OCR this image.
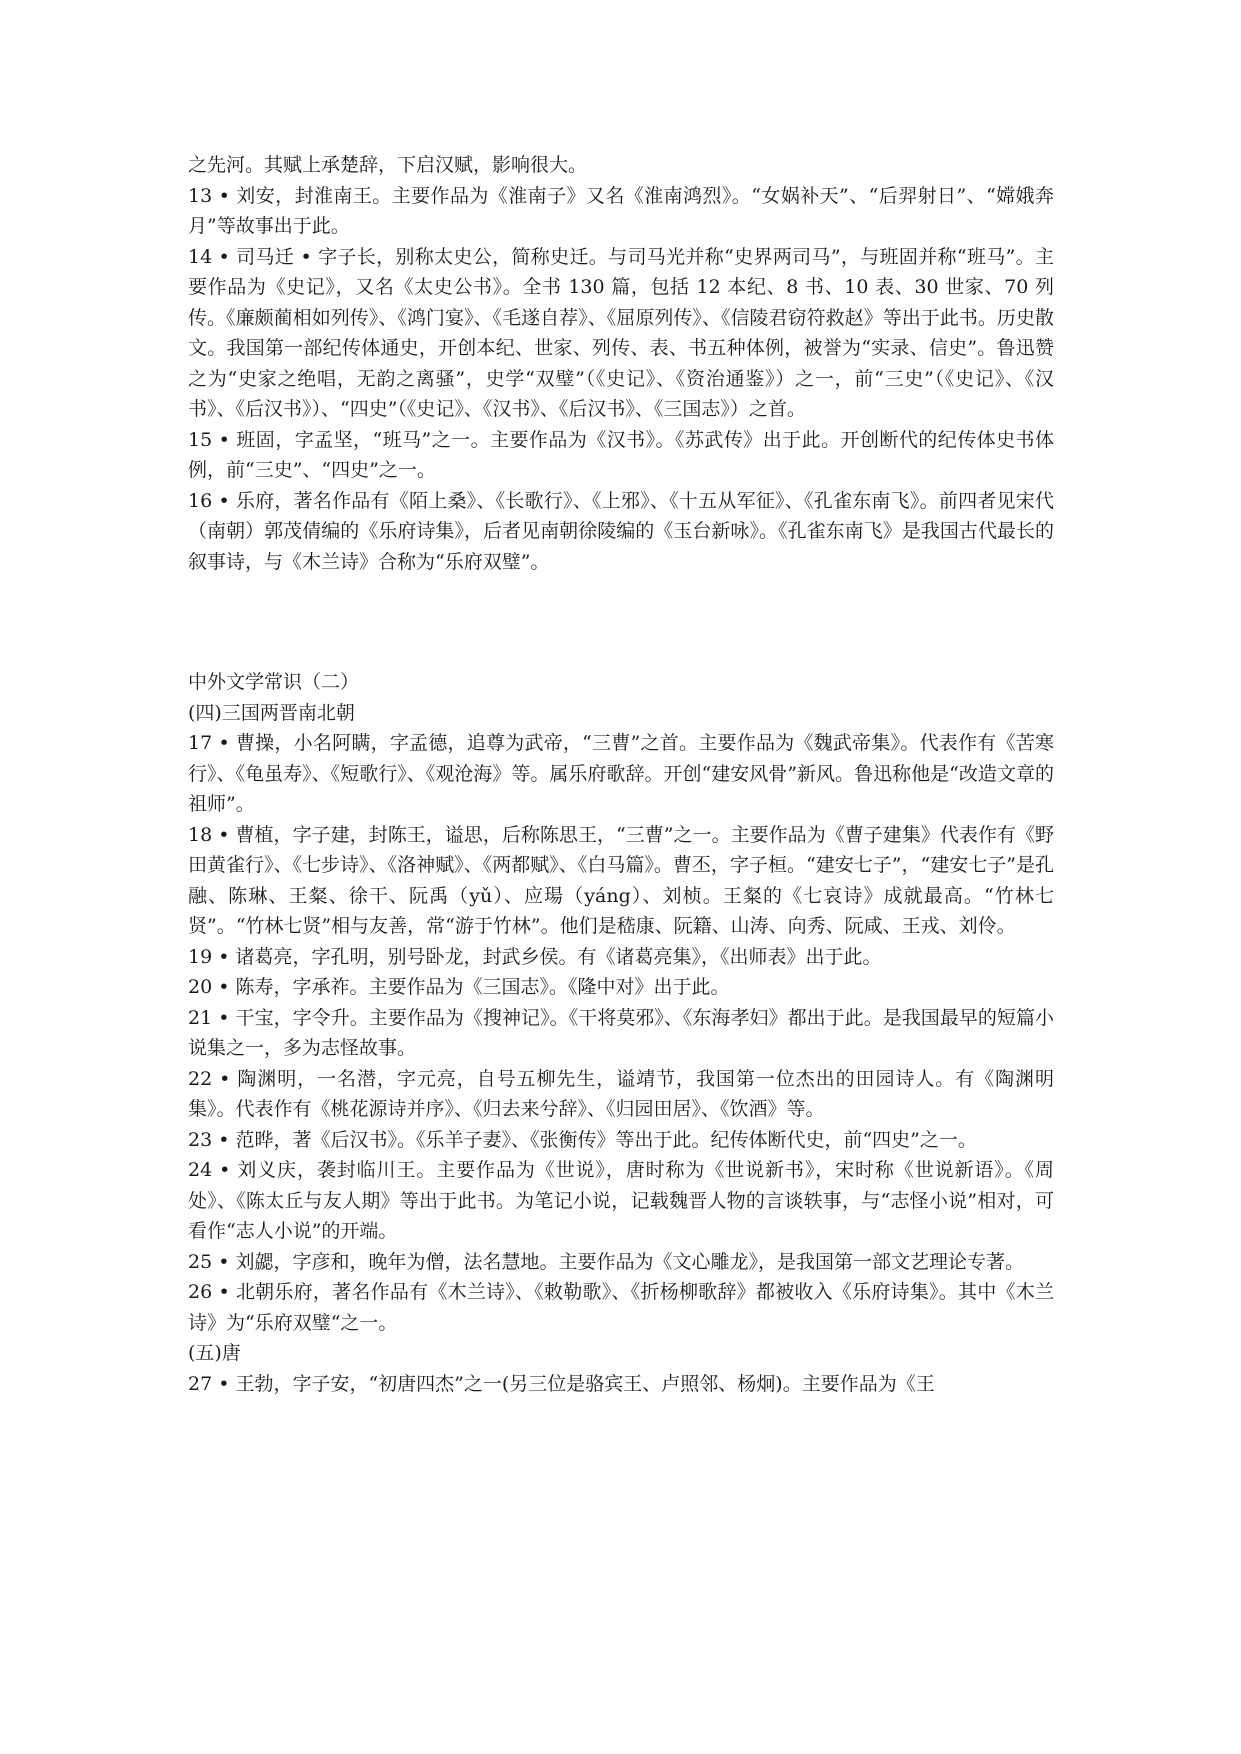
之先河。其赋上承楚辞，下启汉赋，影响很大。

13 • 刘安，封淮南王。主要作品为《淮南子》又名《淮南鸿烈》。“女娲补天”、“后羿射日”、“嫦娥奔月”等故事出于此。

14 • 司马迁 • 字子长，别称太史公，简称史迁。与司马光并称“史界两司马”，与班固并称“班马”。主要作品为《史记》，又名《太史公书》。全书 130 篇，包括 12 本纪、8 书、10 表、30 世家、70 列传。《廉颇蔺相如列传》、《鸿门宴》、《毛遂自荐》、《屈原列传》、《信陵君窃符救赵》等出于此书。历史散文。我国第一部纪传体通史，开创本纪、世家、列传、表、书五种体例，被誉为“实录、信史”。鲁迅赞之为“史家之绝唱，无韵之离骚”，史学“双璧”（《史记》、《资治通鉴》）之一，前“三史”（《史记》、《汉书》、《后汉书》）、“四史”（《史记》、《汉书》、《后汉书》、《三国志》）之首。

15 • 班固，字孟坚，“班马”之一。主要作品为《汉书》。《苏武传》出于此。开创断代的纪传体史书体例，前“三史”、“四史”之一。

16 • 乐府，著名作品有《陌上桑》、《长歌行》、《上邪》、《十五从军征》、《孔雀东南飞》。前四者见宋代（南朝）郭茂倩编的《乐府诗集》，后者见南朝徐陵编的《玉台新咏》。《孔雀东南飞》是我国古代最长的叙事诗，与《木兰诗》合称为“乐府双璧”。

中外文学常识（二）

(四)三国两晋南北朝

17 • 曹操，小名阿瞒，字孟德，追尊为武帝，“三曹”之首。主要作品为《魏武帝集》。代表作有《苦寒行》、《龟虽寿》、《短歌行》、《观沧海》等。属乐府歌辞。开创“建安风骨”新风。鲁迅称他是“改造文章的祖师”。

18 • 曹植，字子建，封陈王，谥思，后称陈思王，“三曹”之一。主要作品为《曹子建集》代表作有《野田黄雀行》、《七步诗》、《洛神赋》、《两都赋》、《白马篇》。曹丕，字子桓。“建安七子”，“建安七子”是孔融、陈琳、王粲、徐干、阮禹（yǔ）、应瑒（yáng）、刘桢。王粲的《七哀诗》成就最高。“竹林七贤”。“竹林七贤”相与友善，常“游于竹林”。他们是嵇康、阮籍、山涛、向秀、阮咸、王戎、刘伶。

19 • 诸葛亮，字孔明，别号卧龙，封武乡侯。有《诸葛亮集》，《出师表》出于此。

20 • 陈寿，字承祚。主要作品为《三国志》。《隆中对》出于此。

21 • 干宝，字令升。主要作品为《搜神记》。《干将莫邪》、《东海孝妇》都出于此。是我国最早的短篇小说集之一，多为志怪故事。

22 • 陶渊明，一名潜，字元亮，自号五柳先生，谥靖节，我国第一位杰出的田园诗人。有《陶渊明集》。代表作有《桃花源诗并序》、《归去来兮辞》、《归园田居》、《饮酒》等。

23 • 范晔，著《后汉书》。《乐羊子妻》、《张衡传》等出于此。纪传体断代史，前“四史”之一。

24 • 刘义庆，袭封临川王。主要作品为《世说》，唐时称为《世说新书》，宋时称《世说新语》。《周处》、《陈太丘与友人期》等出于此书。为笔记小说，记载魏晋人物的言谈轶事，与“志怪小说”相对，可看作“志人小说”的开端。

25 • 刘勰，字彦和，晚年为僧，法名慧地。主要作品为《文心雕龙》，是我国第一部文艺理论专著。

26 • 北朝乐府，著名作品有《木兰诗》、《敕勒歌》、《折杨柳歌辞》都被收入《乐府诗集》。其中《木兰诗》为“乐府双璧“之一。

(五)唐

27 • 王勃，字子安，“初唐四杰”之一(另三位是骆宾王、卢照邻、杨炯)。主要作品为《王
